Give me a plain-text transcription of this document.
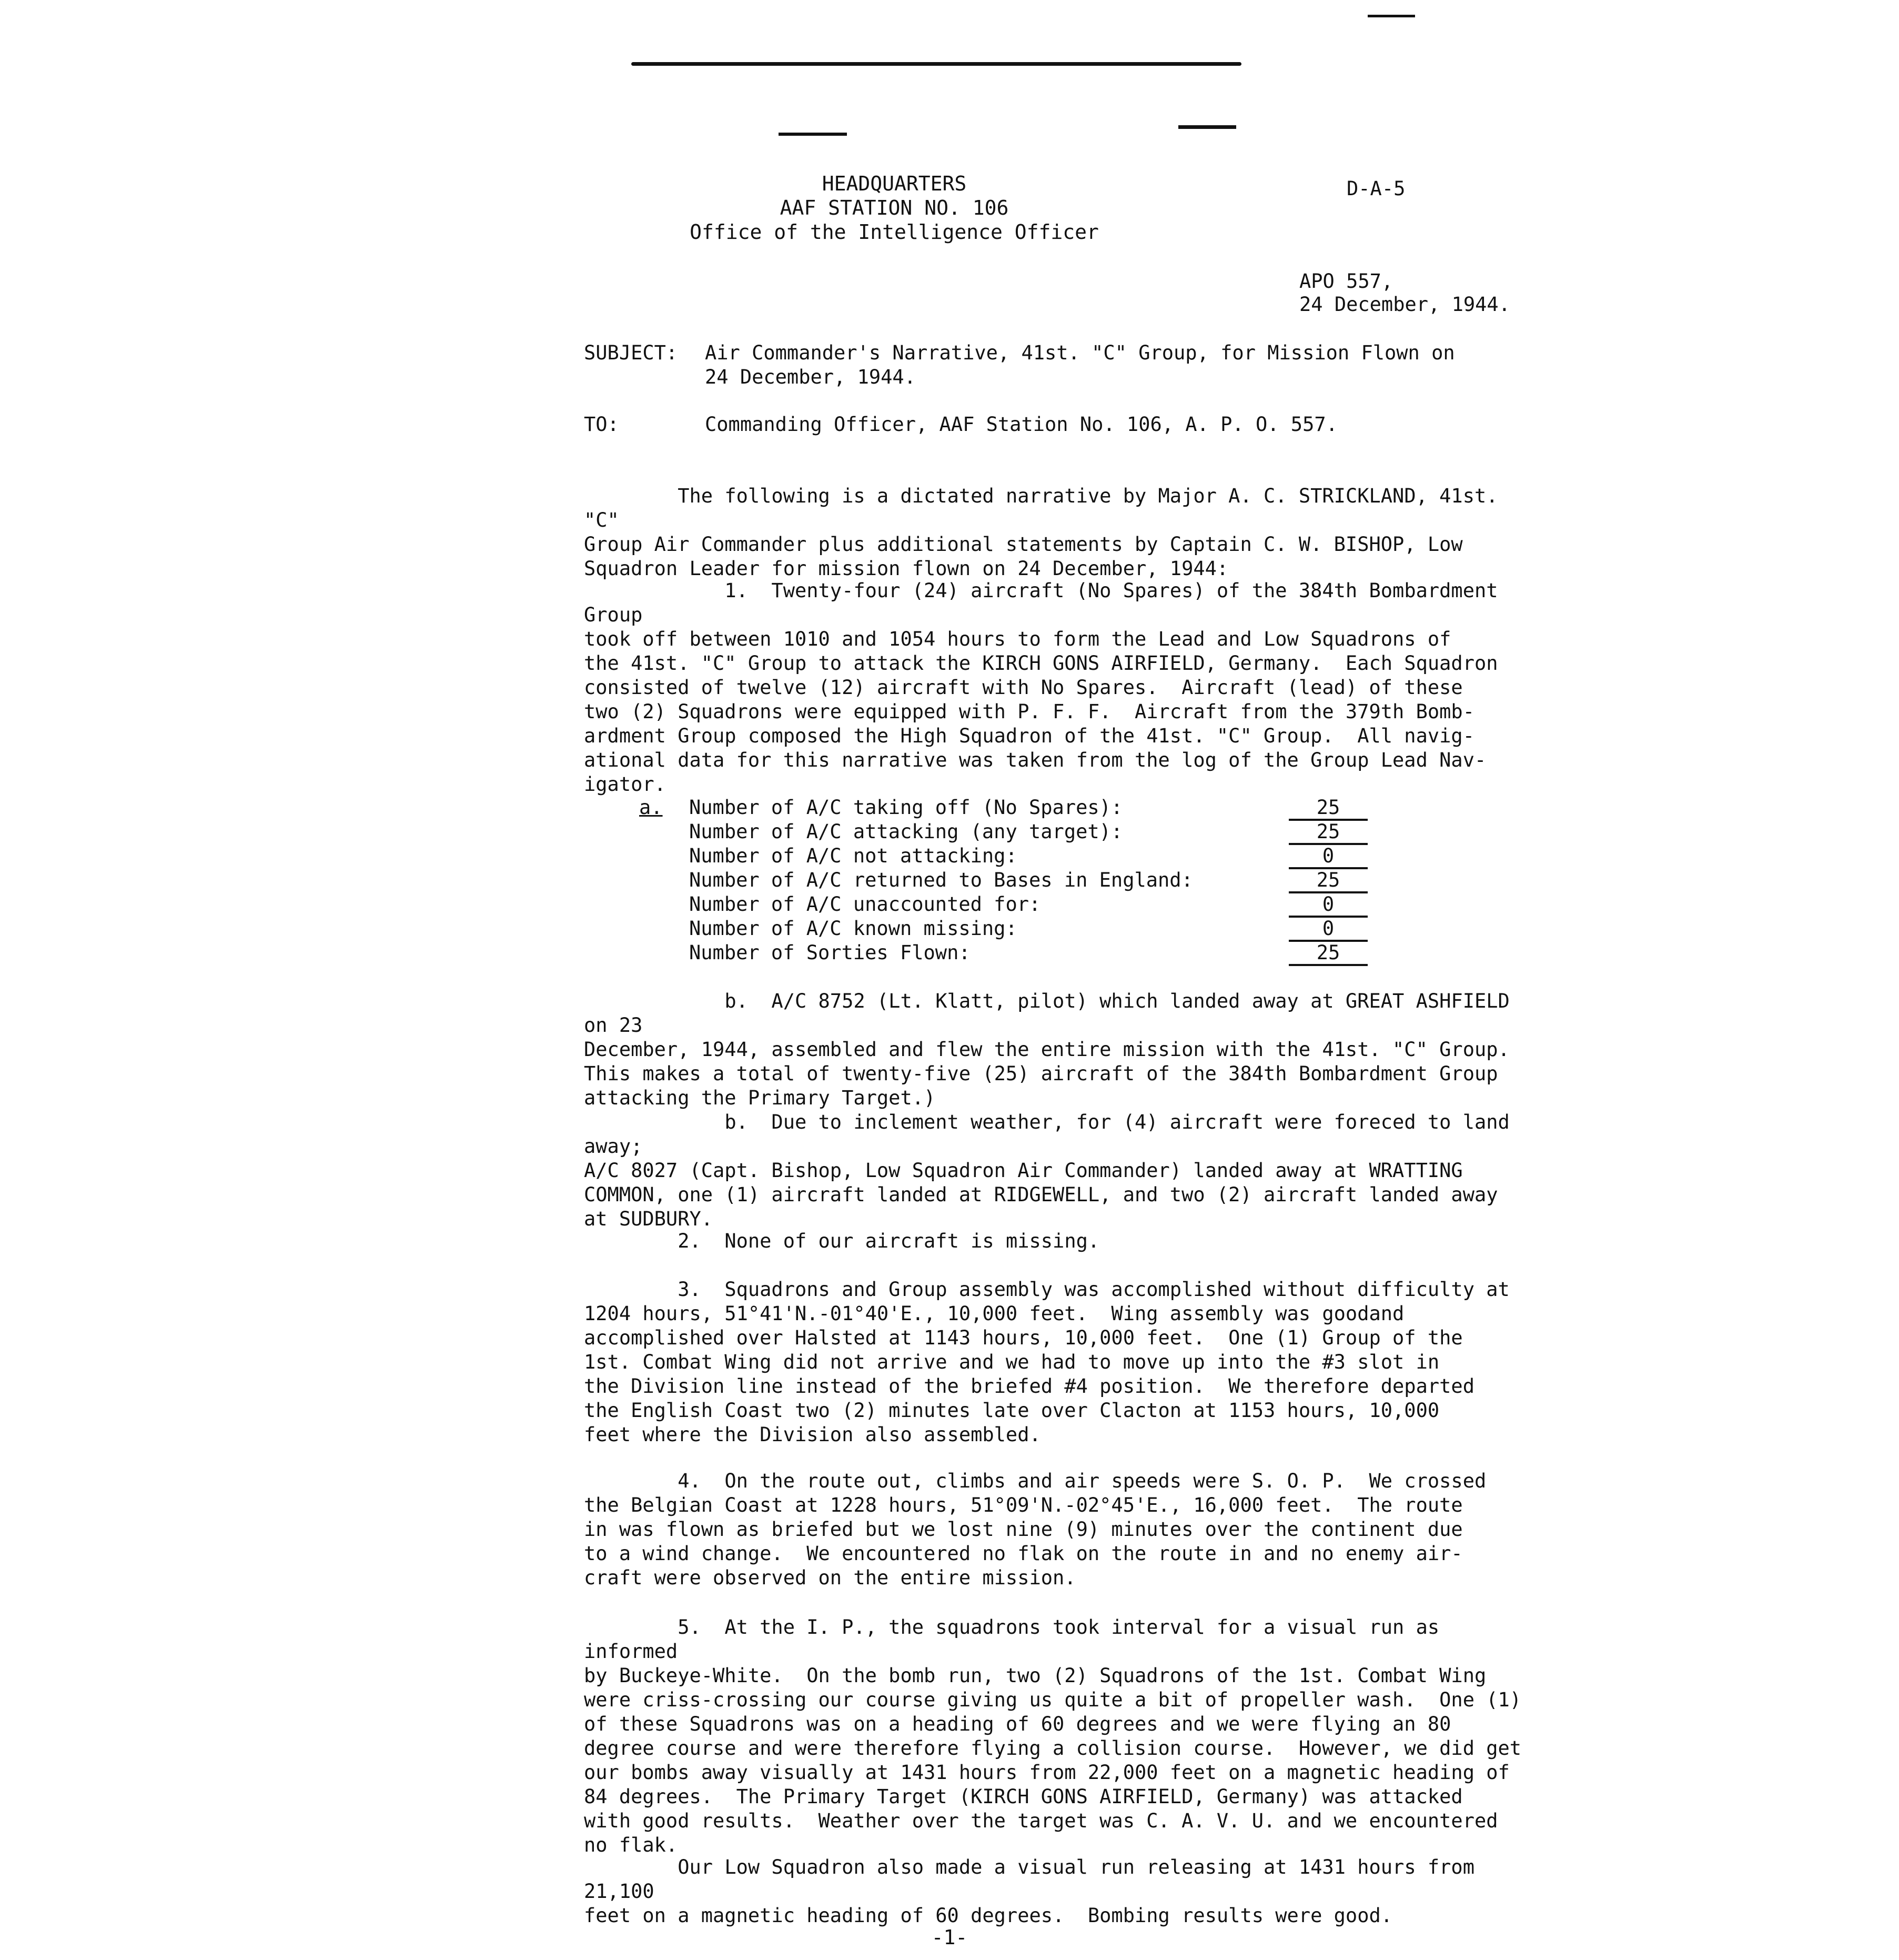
HEADQUARTERS
AAF STATION NO. 106
Office of the Intelligence Officer
D-A-5
APO 557,
24 December, 1944.
SUBJECT: Air Commander's Narrative, 41st. "C" Group, for Mission Flown on
24 December, 1944.
TO:	Commanding Officer, AAF Station No. 106, A. P. O. 557.
The following is a dictated narrative by Major A. C. STRICKLAND, 41st. "C"
Group Air Commander plus additional statements by Captain C. W. BISHOP, Low
Squadron Leader for mission flown on 24 December, 1944:
1.  Twenty-four (24) aircraft (No Spares) of the 384th Bombardment Group
took off between 1010 and 1054 hours to form the Lead and Low Squadrons of
the 41st. "C" Group to attack the KIRCH GONS AIRFIELD, Germany.  Each Squadron
consisted of twelve (12) aircraft with No Spares.  Aircraft (lead) of these
two (2) Squadrons were equipped with P. F. F.  Aircraft from the 379th Bomb-
ardment Group composed the High Squadron of the 41st. "C" Group.  All navig-
ational data for this narrative was taken from the log of the Group Lead Nav-
igator.
a. Number of A/C taking off (No Spares):	25
Number of A/C attacking (any target):	25
Number of A/C not attacking:	0
Number of A/C returned to Bases in England:	25
Number of A/C unaccounted for:	0
Number of A/C known missing:	0
Number of Sorties Flown:	25
b.  A/C 8752 (Lt. Klatt, pilot) which landed away at GREAT ASHFIELD on 23
December, 1944, assembled and flew the entire mission with the 41st. "C" Group.
This makes a total of twenty-five (25) aircraft of the 384th Bombardment Group
attacking the Primary Target.)
b.  Due to inclement weather, for (4) aircraft were foreced to land away;
A/C 8027 (Capt. Bishop, Low Squadron Air Commander) landed away at WRATTING
COMMON, one (1) aircraft landed at RIDGEWELL, and two (2) aircraft landed away
at SUDBURY.
2.  None of our aircraft is missing.
3.  Squadrons and Group assembly was accomplished without difficulty at
1204 hours, 51°41'N.-01°40'E., 10,000 feet.  Wing assembly was goodand
accomplished over Halsted at 1143 hours, 10,000 feet.  One (1) Group of the
1st. Combat Wing did not arrive and we had to move up into the #3 slot in
the Division line instead of the briefed #4 position.  We therefore departed
the English Coast two (2) minutes late over Clacton at 1153 hours, 10,000
feet where the Division also assembled.
4.  On the route out, climbs and air speeds were S. O. P.  We crossed
the Belgian Coast at 1228 hours, 51°09'N.-02°45'E., 16,000 feet.  The route
in was flown as briefed but we lost nine (9) minutes over the continent due
to a wind change.  We encountered no flak on the route in and no enemy air-
craft were observed on the entire mission.
5.  At the I. P., the squadrons took interval for a visual run as informed
by Buckeye-White.  On the bomb run, two (2) Squadrons of the 1st. Combat Wing
were criss-crossing our course giving us quite a bit of propeller wash.  One (1)
of these Squadrons was on a heading of 60 degrees and we were flying an 80
degree course and were therefore flying a collision course.  However, we did get
our bombs away visually at 1431 hours from 22,000 feet on a magnetic heading of
84 degrees.  The Primary Target (KIRCH GONS AIRFIELD, Germany) was attacked
with good results.  Weather over the target was C. A. V. U. and we encountered
no flak.
Our Low Squadron also made a visual run releasing at 1431 hours from 21,100
feet on a magnetic heading of 60 degrees.  Bombing results were good.
-1-
